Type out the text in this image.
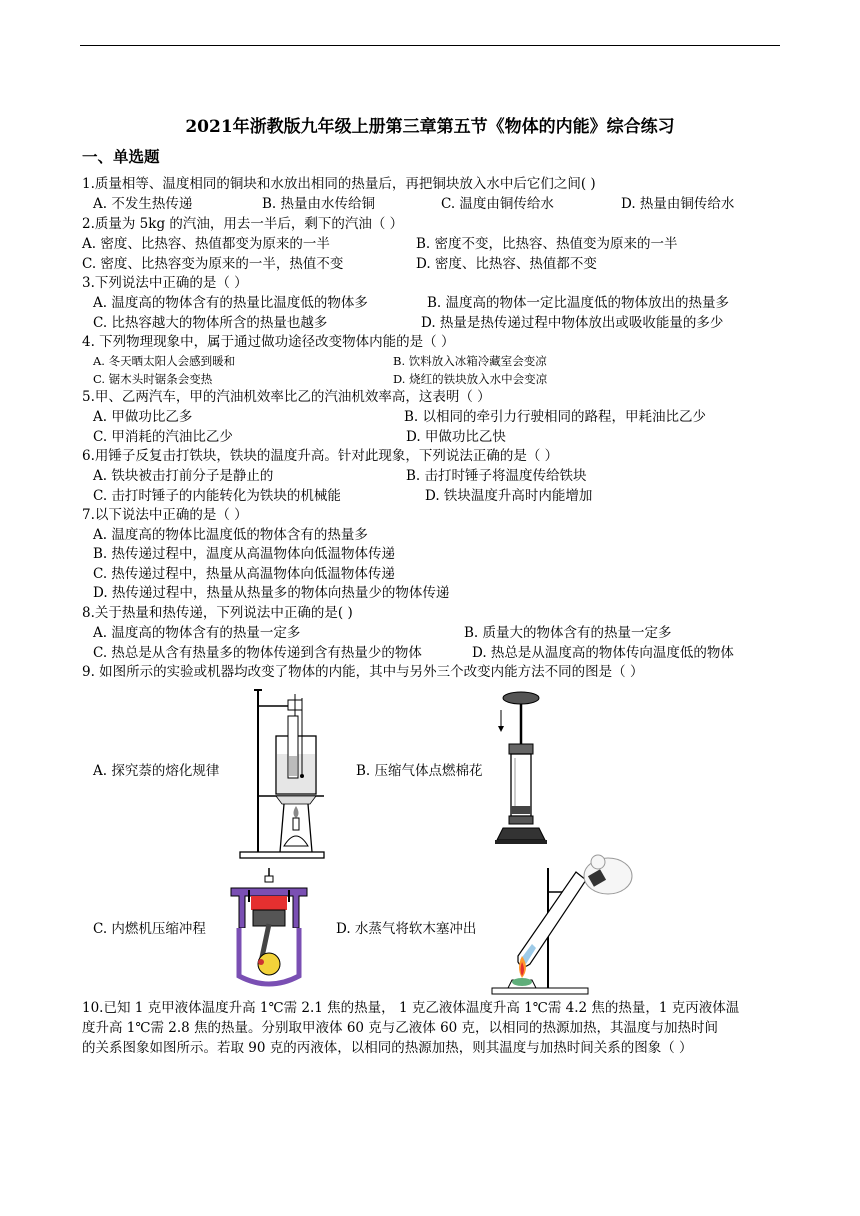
2021年浙教版九年级上册第三章第五节《物体的内能》综合练习
一、单选题
1.质量相等、温度相同的铜块和水放出相同的热量后，再把铜块放入水中后它们之间( )
A. 不发生热传递	B. 热量由水传给铜	C. 温度由铜传给水	D. 热量由铜传给水
2.质量为 5kg 的汽油，用去一半后，剩下的汽油（ ）
A. 密度、比热容、热值都变为原来的一半	B. 密度不变，比热容、热值变为原来的一半
C. 密度、比热容变为原来的一半，热值不变	D. 密度、比热容、热值都不变
3.下列说法中正确的是（ ）
A. 温度高的物体含有的热量比温度低的物体多	B. 温度高的物体一定比温度低的物体放出的热量多
C. 比热容越大的物体所含的热量也越多	D. 热量是热传递过程中物体放出或吸收能量的多少
4. 下列物理现象中，属于通过做功途径改变物体内能的是（ ）
A. 冬天晒太阳人会感到暖和	B. 饮料放入冰箱冷藏室会变凉
C. 锯木头时锯条会变热	D. 烧红的铁块放入水中会变凉
5.甲、乙两汽车，甲的汽油机效率比乙的汽油机效率高，这表明（ ）
A. 甲做功比乙多	B. 以相同的牵引力行驶相同的路程，甲耗油比乙少
C. 甲消耗的汽油比乙少	D. 甲做功比乙快
6.用锤子反复击打铁块，铁块的温度升高。针对此现象，下列说法正确的是（ ）
A. 铁块被击打前分子是静止的	B. 击打时锤子将温度传给铁块
C. 击打时锤子的内能转化为铁块的机械能	D. 铁块温度升高时内能增加
7.以下说法中正确的是（ ）
A. 温度高的物体比温度低的物体含有的热量多
B. 热传递过程中，温度从高温物体向低温物体传递
C. 热传递过程中，热量从高温物体向低温物体传递
D. 热传递过程中，热量从热量多的物体向热量少的物体传递
8.关于热量和热传递，下列说法中正确的是( )
A. 温度高的物体含有的热量一定多	B. 质量大的物体含有的热量一定多
C. 热总是从含有热量多的物体传递到含有热量少的物体	D. 热总是从温度高的物体传向温度低的物体
9. 如图所示的实验或机器均改变了物体的内能，其中与另外三个改变内能方法不同的图是（ ）
A. 探究萘的熔化规律	B. 压缩气体点燃棉花
C. 内燃机压缩冲程	D. 水蒸气将软木塞冲出
10.已知 1 克甲液体温度升高 1℃需 2.1 焦的热量， 1 克乙液体温度升高 1℃需 4.2 焦的热量，1 克丙液体温
度升高 1℃需 2.8 焦的热量。分别取甲液体 60 克与乙液体 60 克，以相同的热源加热，其温度与加热时间
的关系图象如图所示。若取 90 克的丙液体，以相同的热源加热，则其温度与加热时间关系的图象（ ）
